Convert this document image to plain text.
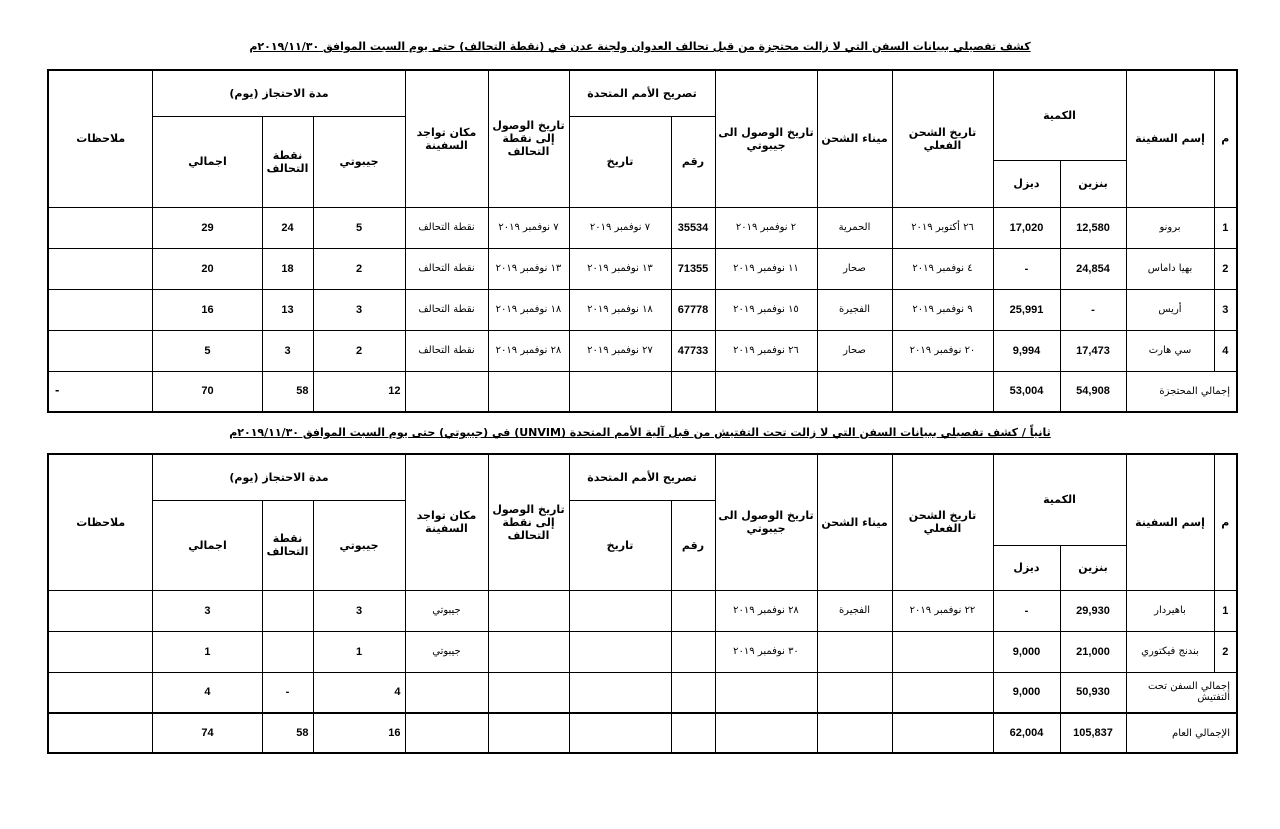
كشف تفصيلي ببيانات السفن التي لا زالت محتجزة من قبل تحالف العدوان ولجنة عدن في (نقطة التحالف) حتى يوم السبت الموافق ٢٠١٩/١١/٣٠م
م	إسم السفينة	الكمية		تاريخ الشحن الفعلي	ميناء الشحن	تاريخ الوصول الى جيبوتي	تصريح الأمم المتحدة		تاريخ الوصول إلى نقطة التحالف	مكان تواجد السفينة	مدة الاحتجاز (يوم)			ملاحظات
							رقم	تاريخ			جيبوتي	نقطة التحالف	اجمالي	
		بنزين	ديزل											
1	برونو	12,580	17,020	٢٦ أكتوبر ٢٠١٩	الحمرية	٢ نوفمبر ٢٠١٩	35534	٧ نوفمبر ٢٠١٩	٧ نوفمبر ٢٠١٩	نقطة التحالف	5	24	29	
2	بهيا داماس	24,854	-	٤ نوفمبر ٢٠١٩	صحار	١١ نوفمبر ٢٠١٩	71355	١٣ نوفمبر ٢٠١٩	١٣ نوفمبر ٢٠١٩	نقطة التحالف	2	18	20	
3	أريس	-	25,991	٩ نوفمبر ٢٠١٩	الفجيرة	١٥ نوفمبر ٢٠١٩	67778	١٨ نوفمبر ٢٠١٩	١٨ نوفمبر ٢٠١٩	نقطة التحالف	3	13	16	
4	سي هارت	17,473	9,994	٢٠ نوفمبر ٢٠١٩	صحار	٢٦ نوفمبر ٢٠١٩	47733	٢٧ نوفمبر ٢٠١٩	٢٨ نوفمبر ٢٠١٩	نقطة التحالف	2	3	5	
إجمالي المحتجزة		54,908	53,004								12	58	70	-
ثانياً / كشف تفصيلي ببيانات السفن التي لا زالت تحت التفتيش من قبل آلية الأمم المتحدة (UNVIM) في (جيبوتي) حتى يوم السبت الموافق ٢٠١٩/١١/٣٠م
م	إسم السفينة	الكمية		تاريخ الشحن الفعلي	ميناء الشحن	تاريخ الوصول الى جيبوتي	تصريح الأمم المتحدة		تاريخ الوصول إلى نقطة التحالف	مكان تواجد السفينة	مدة الاحتجاز (يوم)			ملاحظات
							رقم	تاريخ			جيبوتي	نقطة التحالف	اجمالي	
		بنزين	ديزل											
1	باهيردار	29,930	-	٢٢ نوفمبر ٢٠١٩	الفجيرة	٢٨ نوفمبر ٢٠١٩				جيبوتي	3		3	
2	بندنج فيكتوري	21,000	9,000			٣٠ نوفمبر ٢٠١٩				جيبوتي	1		1	
إجمالي السفن تحت التفتيش		50,930	9,000								4	-	4	
الإجمالي العام		105,837	62,004								16	58	74	
